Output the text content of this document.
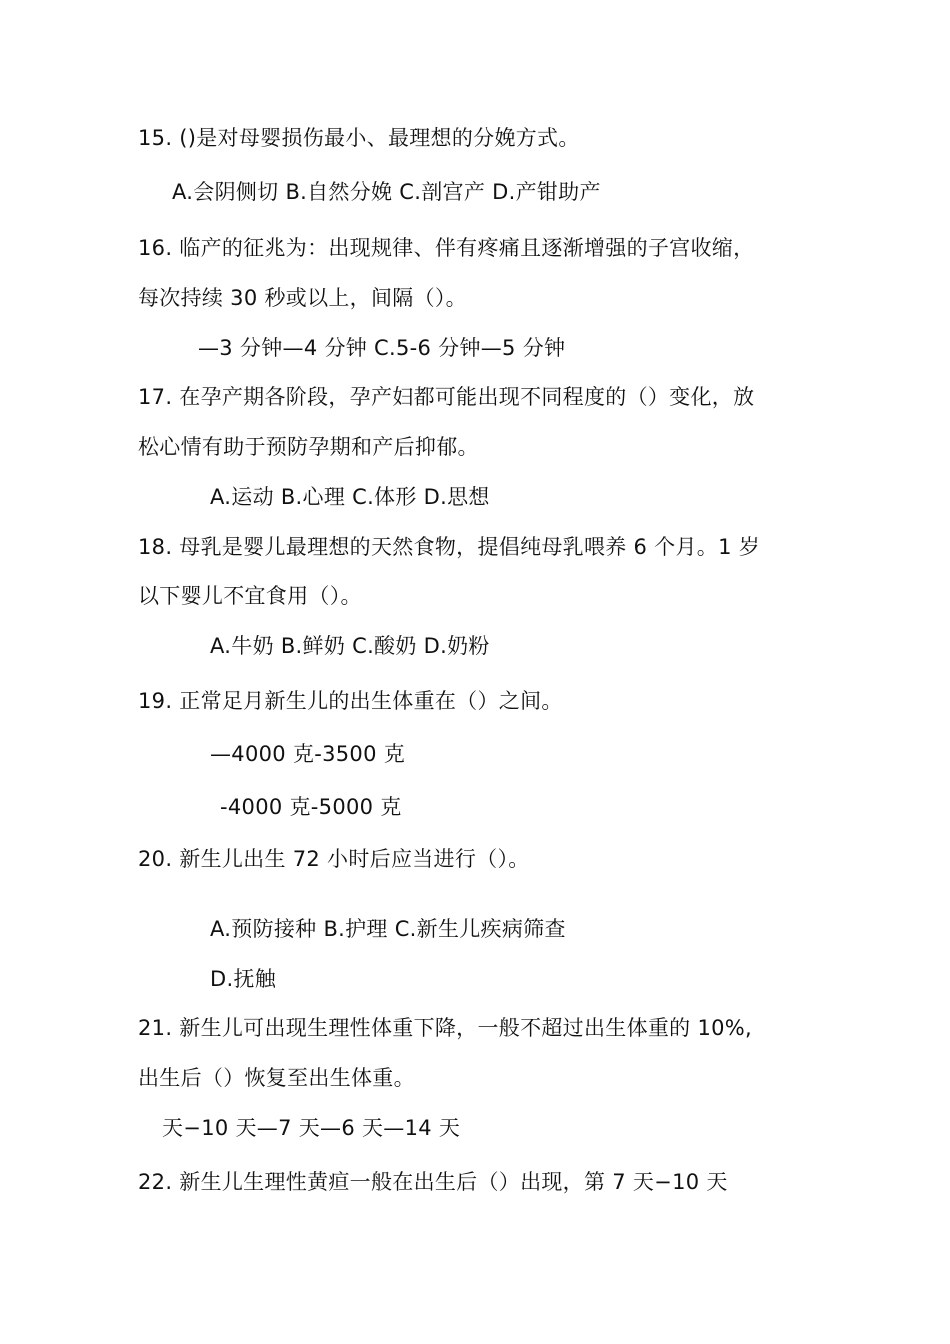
15. ()是对母婴损伤最小、最理想的分娩方式。
A.会阴侧切 B.自然分娩 C.剖宫产 D.产钳助产
16. 临产的征兆为：出现规律、伴有疼痛且逐渐增强的子宫收缩，
每次持续 30 秒或以上，间隔（）。
—3 分钟—4 分钟 C.5-6 分钟—5 分钟
17. 在孕产期各阶段，孕产妇都可能出现不同程度的（）变化，放
松心情有助于预防孕期和产后抑郁。
A.运动 B.心理 C.体形 D.思想
18. 母乳是婴儿最理想的天然食物，提倡纯母乳喂养 6 个月。1 岁
以下婴儿不宜食用（）。
A.牛奶 B.鲜奶 C.酸奶 D.奶粉
19. 正常足月新生儿的出生体重在（）之间。
—4000 克-3500 克
-4000 克-5000 克
20. 新生儿出生 72 小时后应当进行（）。
A.预防接种 B.护理 C.新生儿疾病筛查
D.抚触
21. 新生儿可出现生理性体重下降，一般不超过出生体重的 10%,
出生后（）恢复至出生体重。
天−10 天—7 天—6 天—14 天
22. 新生儿生理性黄疸一般在出生后（）出现，第 7 天−10 天
